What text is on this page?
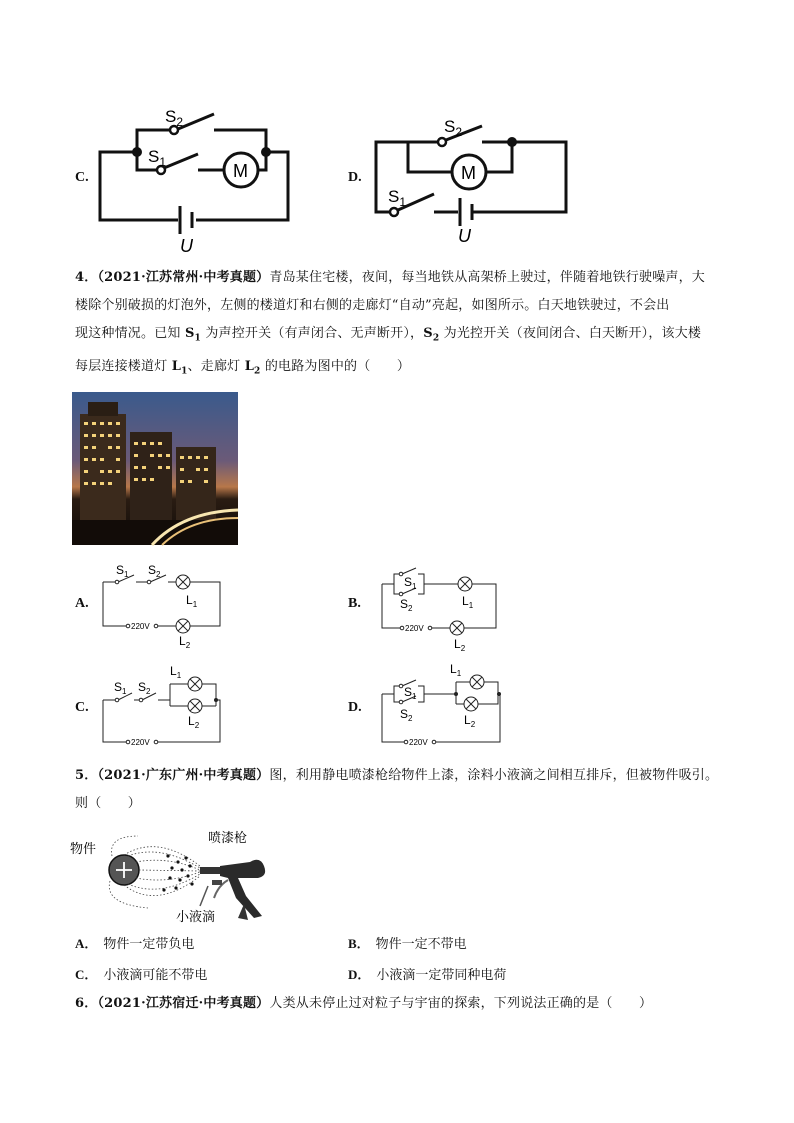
C.
$S_2$
$S_1$	M
U
D.
$S_2$
$S_1$
M
U
4．（2021·江苏常州·中考真题）青岛某住宅楼，夜间，每当地铁从高架桥上驶过，伴随着地铁行驶噪声，大
楼除个别破损的灯泡外，左侧的楼道灯和右侧的走廊灯“自动”亮起，如图所示。白天地铁驶过，不会出
现这种情况。已知 $S_1$ 为声控开关（有声闭合、无声断开），$S_2$ 为光控开关（夜间闭合、白天断开），该大楼
每层连接楼道灯 $L_1$、走廊灯 $L_2$ 的电路为图中的（　　）
A.
$S_1$ $S_2$
$L_1$
$L_2$
220V
B.
$S_1$
$S_2$
$L_1$
$L_2$
220V
C.
$S_1$ $S_2$
$L_1$
$L_2$
220V
D.
$S_1$
$S_2$
$L_1$
$L_2$
220V
5．（2021·广东广州·中考真题）图，利用静电喷漆枪给物件上漆，涂料小液滴之间相互排斥，但被物件吸引。
则（　　）
物件
喷漆枪
小液滴
A． 物件一定带负电	B． 物件一定不带电
C． 小液滴可能不带电	D． 小液滴一定带同种电荷
6．（2021·江苏宿迁·中考真题）人类从未停止过对粒子与宇宙的探索，下列说法正确的是（　　）
